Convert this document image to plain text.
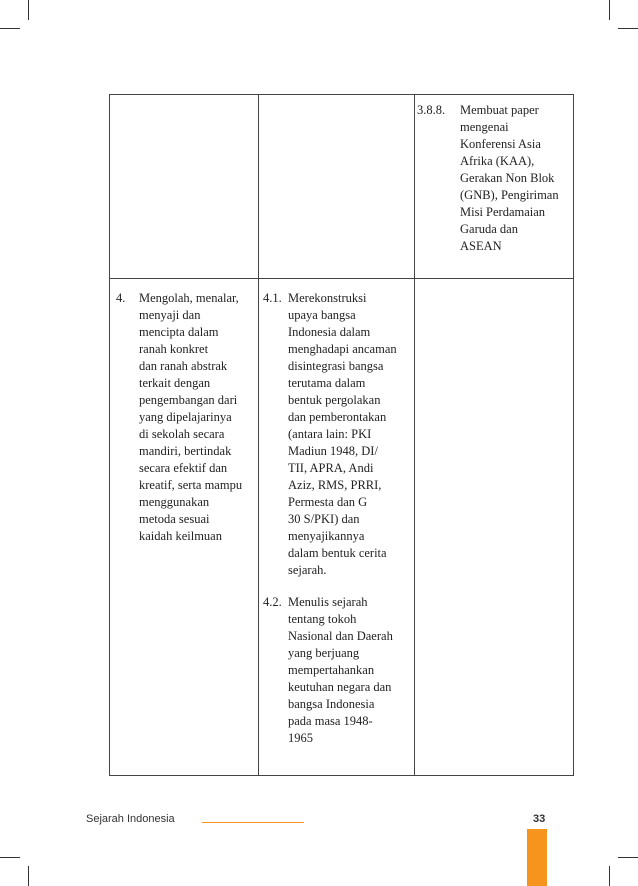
3.8.8. Membuat paper
mengenai
Konferensi Asia
Afrika (KAA),
Gerakan Non Blok
(GNB), Pengiriman
Misi Perdamaian
Garuda dan
ASEAN
4. Mengolah, menalar,
menyaji dan
mencipta dalam
ranah konkret
dan ranah abstrak
terkait dengan
pengembangan dari
yang dipelajarinya
di sekolah secara
mandiri, bertindak
secara efektif dan
kreatif, serta mampu
menggunakan
metoda sesuai
kaidah keilmuan
4.1. Merekonstruksi
upaya bangsa
Indonesia dalam
menghadapi ancaman
disintegrasi bangsa
terutama dalam
bentuk pergolakan
dan pemberontakan
(antara lain: PKI
Madiun 1948, DI/
TII, APRA, Andi
Aziz, RMS, PRRI,
Permesta dan G
30 S/PKI) dan
menyajikannya
dalam bentuk cerita
sejarah.
4.2. Menulis sejarah
tentang tokoh
Nasional dan Daerah
yang berjuang
mempertahankan
keutuhan negara dan
bangsa Indonesia
pada masa 1948-
1965
Sejarah Indonesia	33
